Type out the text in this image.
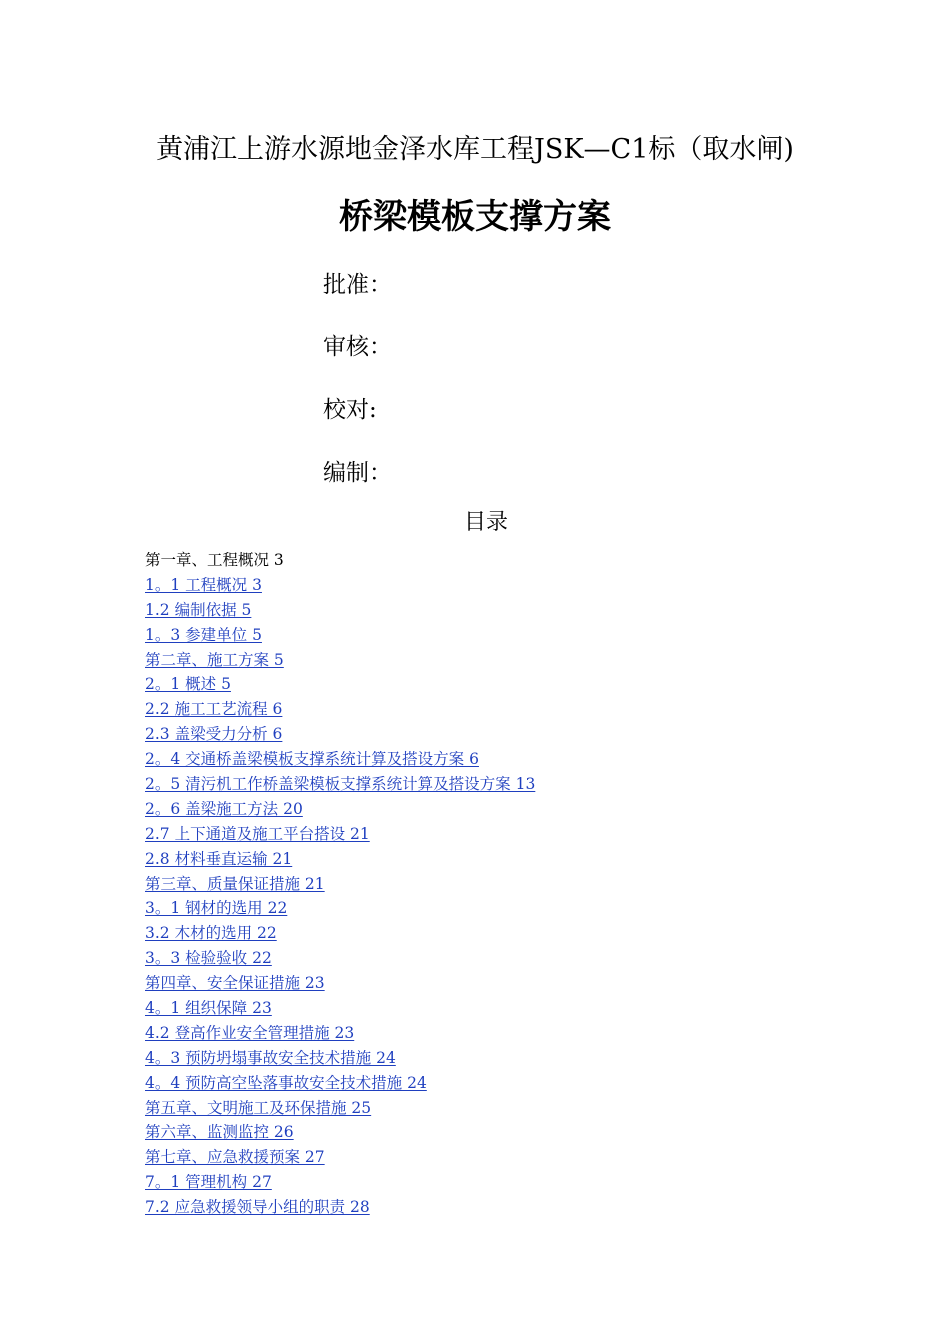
黄浦江上游水源地金泽水库工程JSK—C1标（取水闸)
桥梁模板支撑方案
批准：
审核：
校对:
编制：
目录
第一章、工程概况 3
1。1 工程概况 3
1.2 编制依据 5
1。3 参建单位 5
第二章、施工方案 5
2。1 概述 5
2.2 施工工艺流程 6
2.3 盖梁受力分析 6
2。4 交通桥盖梁模板支撑系统计算及搭设方案 6
2。5 清污机工作桥盖梁模板支撑系统计算及搭设方案 13
2。6 盖梁施工方法 20
2.7 上下通道及施工平台搭设 21
2.8 材料垂直运输 21
第三章、质量保证措施 21
3。1 钢材的选用 22
3.2 木材的选用 22
3。3 检验验收 22
第四章、安全保证措施 23
4。1 组织保障 23
4.2 登高作业安全管理措施 23
4。3 预防坍塌事故安全技术措施 24
4。4 预防高空坠落事故安全技术措施 24
第五章、文明施工及环保措施 25
第六章、监测监控 26
第七章、应急救援预案 27
7。1 管理机构 27
7.2 应急救援领导小组的职责 28
